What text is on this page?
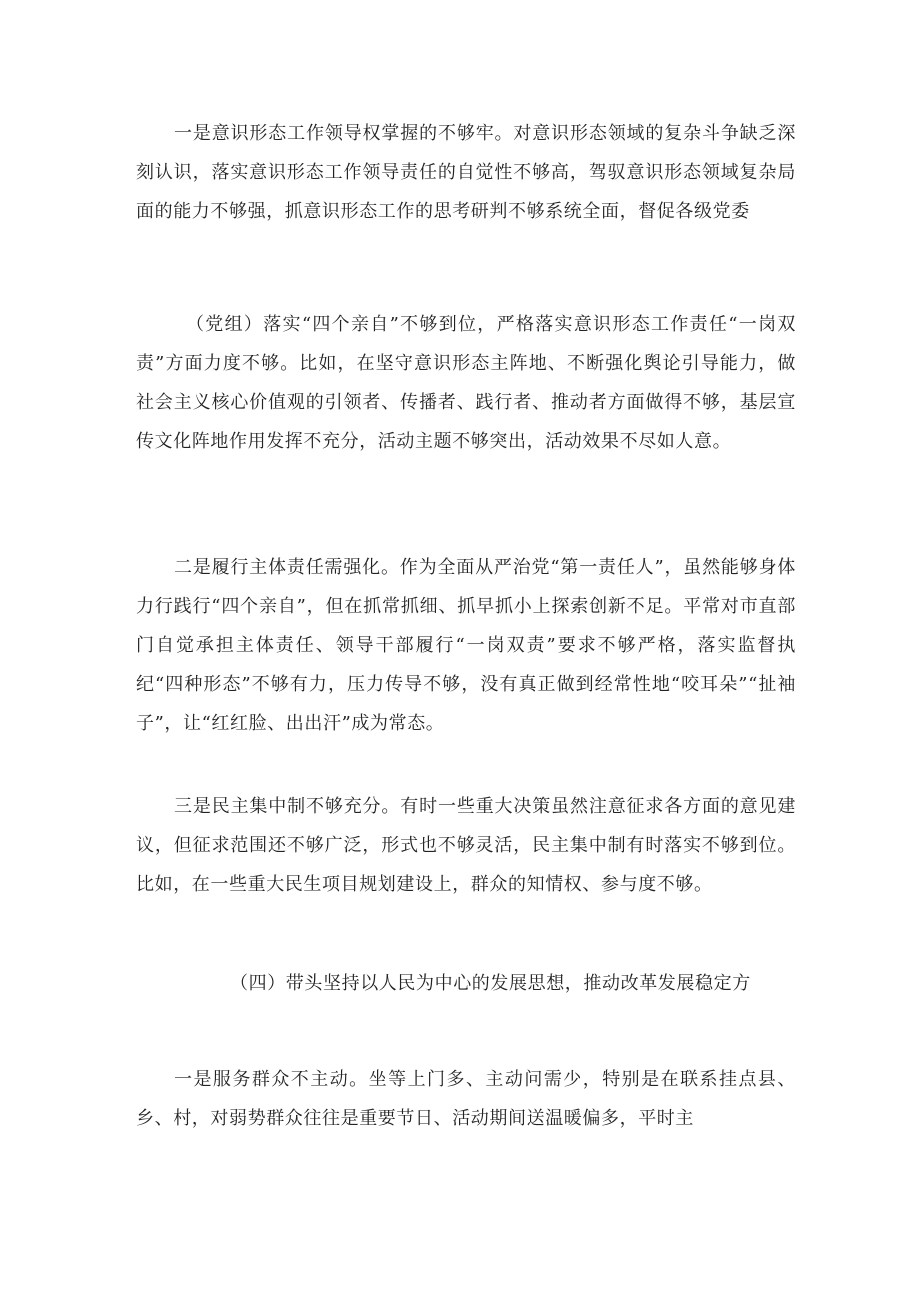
一是意识形态工作领导权掌握的不够牢。对意识形态领域的复杂斗争缺乏深刻认识，落实意识形态工作领导责任的自觉性不够高，驾驭意识形态领域复杂局面的能力不够强，抓意识形态工作的思考研判不够系统全面，督促各级党委

（党组）落实“四个亲自”不够到位，严格落实意识形态工作责任“一岗双责”方面力度不够。比如，在坚守意识形态主阵地、不断强化舆论引导能力，做社会主义核心价值观的引领者、传播者、践行者、推动者方面做得不够，基层宣传文化阵地作用发挥不充分，活动主题不够突出，活动效果不尽如人意。

二是履行主体责任需强化。作为全面从严治党“第一责任人”，虽然能够身体力行践行“四个亲自”，但在抓常抓细、抓早抓小上探索创新不足。平常对市直部门自觉承担主体责任、领导干部履行“一岗双责”要求不够严格，落实监督执纪“四种形态”不够有力，压力传导不够，没有真正做到经常性地“咬耳朵”“扯袖子”，让“红红脸、出出汗”成为常态。

三是民主集中制不够充分。有时一些重大决策虽然注意征求各方面的意见建议，但征求范围还不够广泛，形式也不够灵活，民主集中制有时落实不够到位。比如，在一些重大民生项目规划建设上，群众的知情权、参与度不够。

（四）带头坚持以人民为中心的发展思想，推动改革发展稳定方

一是服务群众不主动。坐等上门多、主动问需少，特别是在联系挂点县、乡、村，对弱势群众往往是重要节日、活动期间送温暖偏多，平时主
